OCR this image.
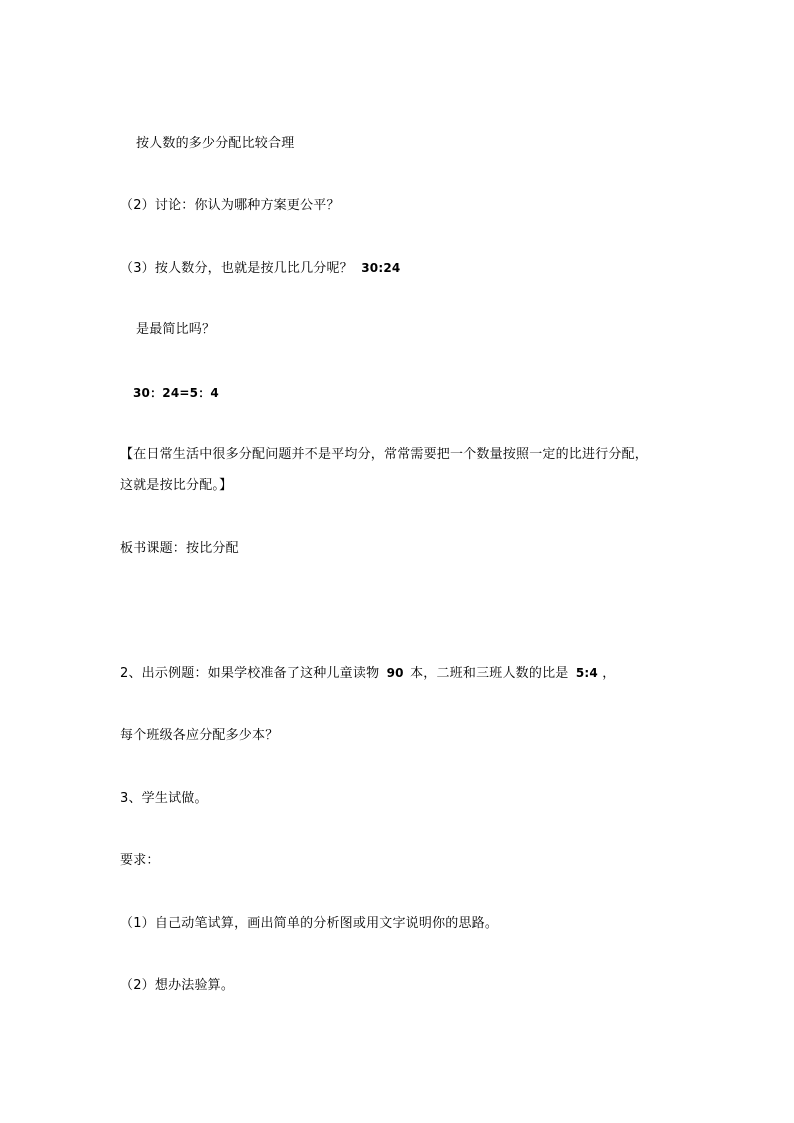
按人数的多少分配比较合理
（2）讨论：你认为哪种方案更公平？
（3）按人数分，也就是按几比几分呢？ 30:24
是最简比吗？
30：24=5：4
【在日常生活中很多分配问题并不是平均分，常常需要把一个数量按照一定的比进行分配，
这就是按比分配。】
板书课题：按比分配
2、出示例题：如果学校准备了这种儿童读物 90 本，二班和三班人数的比是 5:4 ，
每个班级各应分配多少本？
3、学生试做。
要求：
（1）自己动笔试算，画出简单的分析图或用文字说明你的思路。
（2）想办法验算。
